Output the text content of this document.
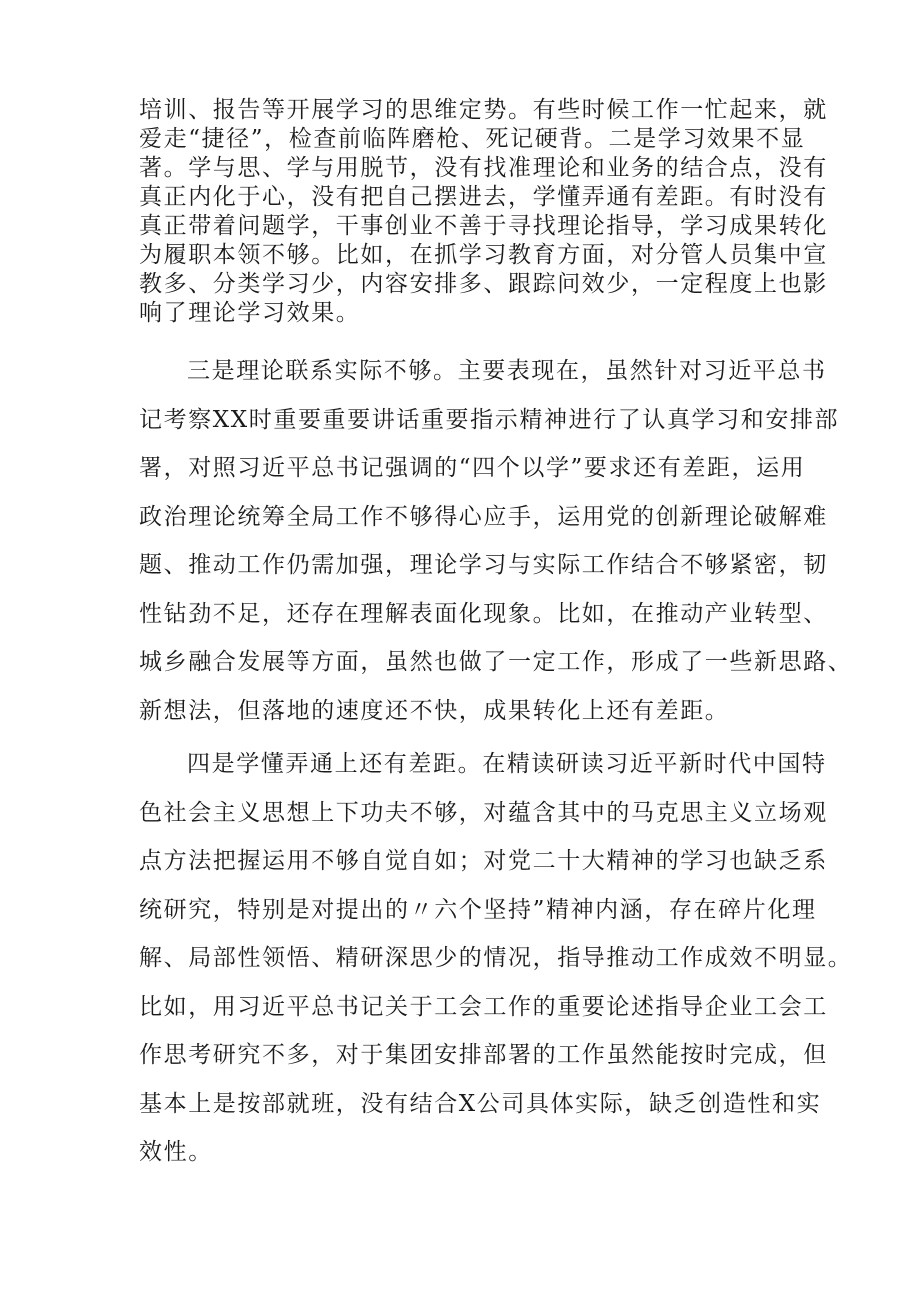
培训、报告等开展学习的思维定势。有些时候工作一忙起来，就
爱走“捷径”，检查前临阵磨枪、死记硬背。二是学习效果不显
著。学与思、学与用脱节，没有找准理论和业务的结合点，没有
真正内化于心，没有把自己摆进去，学懂弄通有差距。有时没有
真正带着问题学，干事创业不善于寻找理论指导，学习成果转化
为履职本领不够。比如，在抓学习教育方面，对分管人员集中宣
教多、分类学习少，内容安排多、跟踪问效少，一定程度上也影
响了理论学习效果。
三是理论联系实际不够。主要表现在，虽然针对习近平总书
记考察XX时重要重要讲话重要指示精神进行了认真学习和安排部
署，对照习近平总书记强调的“四个以学”要求还有差距，运用
政治理论统筹全局工作不够得心应手，运用党的创新理论破解难
题、推动工作仍需加强，理论学习与实际工作结合不够紧密，韧
性钻劲不足，还存在理解表面化现象。比如，在推动产业转型、
城乡融合发展等方面，虽然也做了一定工作，形成了一些新思路、
新想法，但落地的速度还不快，成果转化上还有差距。
四是学懂弄通上还有差距。在精读研读习近平新时代中国特
色社会主义思想上下功夫不够，对蕴含其中的马克思主义立场观
点方法把握运用不够自觉自如；对党二十大精神的学习也缺乏系
统研究，特别是对提出的〃六个坚持”精神内涵，存在碎片化理
解、局部性领悟、精研深思少的情况，指导推动工作成效不明显。
比如，用习近平总书记关于工会工作的重要论述指导企业工会工
作思考研究不多，对于集团安排部署的工作虽然能按时完成，但
基本上是按部就班，没有结合X公司具体实际，缺乏创造性和实
效性。
